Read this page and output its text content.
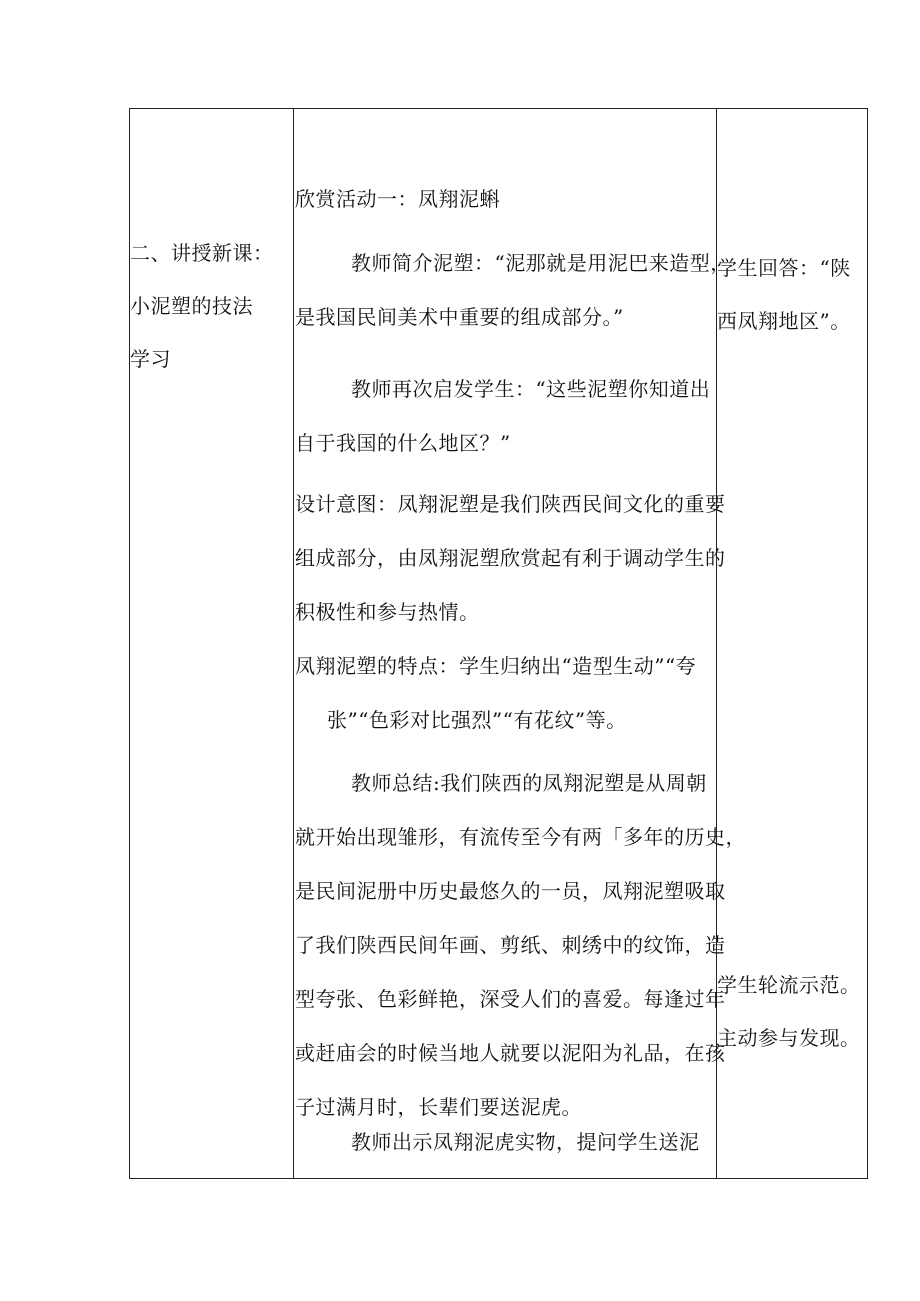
二、讲授新课：
小泥塑的技法
学习
欣赏活动一：凤翔泥蝌
教师简介泥塑：“泥那就是用泥巴来造型，
是我国民间美术中重要的组成部分。”
教师再次启发学生：“这些泥塑你知道出
自于我国的什么地区？”
设计意图：凤翔泥塑是我们陕西民间文化的重要
组成部分，由凤翔泥塑欣赏起有利于调动学生的
积极性和参与热情。
凤翔泥塑的特点：学生归纳出“造型生动”“夸
张”“色彩对比强烈”“有花纹”等。
教师总结:我们陕西的凤翔泥塑是从周朝
就开始出现雏形，有流传至今有两「多年的历史，
是民间泥册中历史最悠久的一员，凤翔泥塑吸取
了我们陕西民间年画、剪纸、刺绣中的纹饰，造
型夸张、色彩鲜艳，深受人们的喜爱。每逢过年
或赶庙会的时候当地人就要以泥阳为礼品，在孩
子过满月时，长辈们要送泥虎。
教师出示凤翔泥虎实物，提问学生送泥
学生回答：“陕
西凤翔地区”。
学生轮流示范。
主动参与发现。
